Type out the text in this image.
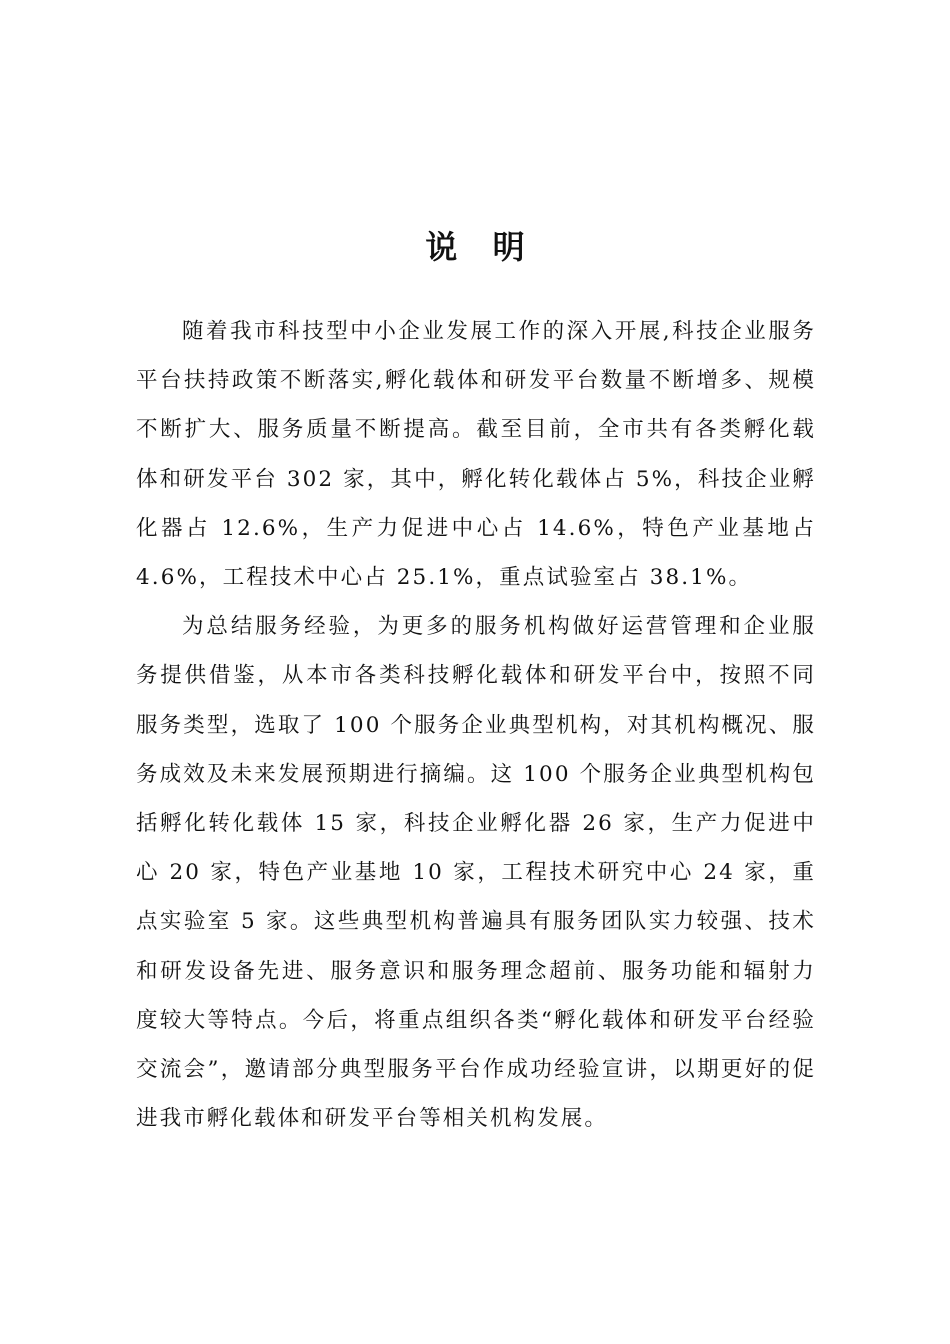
说 明

随着我市科技型中小企业发展工作的深入开展,科技企业服务平台扶持政策不断落实,孵化载体和研发平台数量不断增多、规模不断扩大、服务质量不断提高。截至目前，全市共有各类孵化载体和研发平台 302 家，其中，孵化转化载体占 5%，科技企业孵化器占 12.6%，生产力促进中心占 14.6%，特色产业基地占 4.6%，工程技术中心占 25.1%，重点试验室占 38.1%。

为总结服务经验，为更多的服务机构做好运营管理和企业服务提供借鉴，从本市各类科技孵化载体和研发平台中，按照不同服务类型，选取了 100 个服务企业典型机构，对其机构概况、服务成效及未来发展预期进行摘编。这 100 个服务企业典型机构包括孵化转化载体 15 家，科技企业孵化器 26 家，生产力促进中心 20 家，特色产业基地 10 家，工程技术研究中心 24 家，重点实验室 5 家。这些典型机构普遍具有服务团队实力较强、技术和研发设备先进、服务意识和服务理念超前、服务功能和辐射力度较大等特点。今后，将重点组织各类“孵化载体和研发平台经验交流会”，邀请部分典型服务平台作成功经验宣讲，以期更好的促进我市孵化载体和研发平台等相关机构发展。
